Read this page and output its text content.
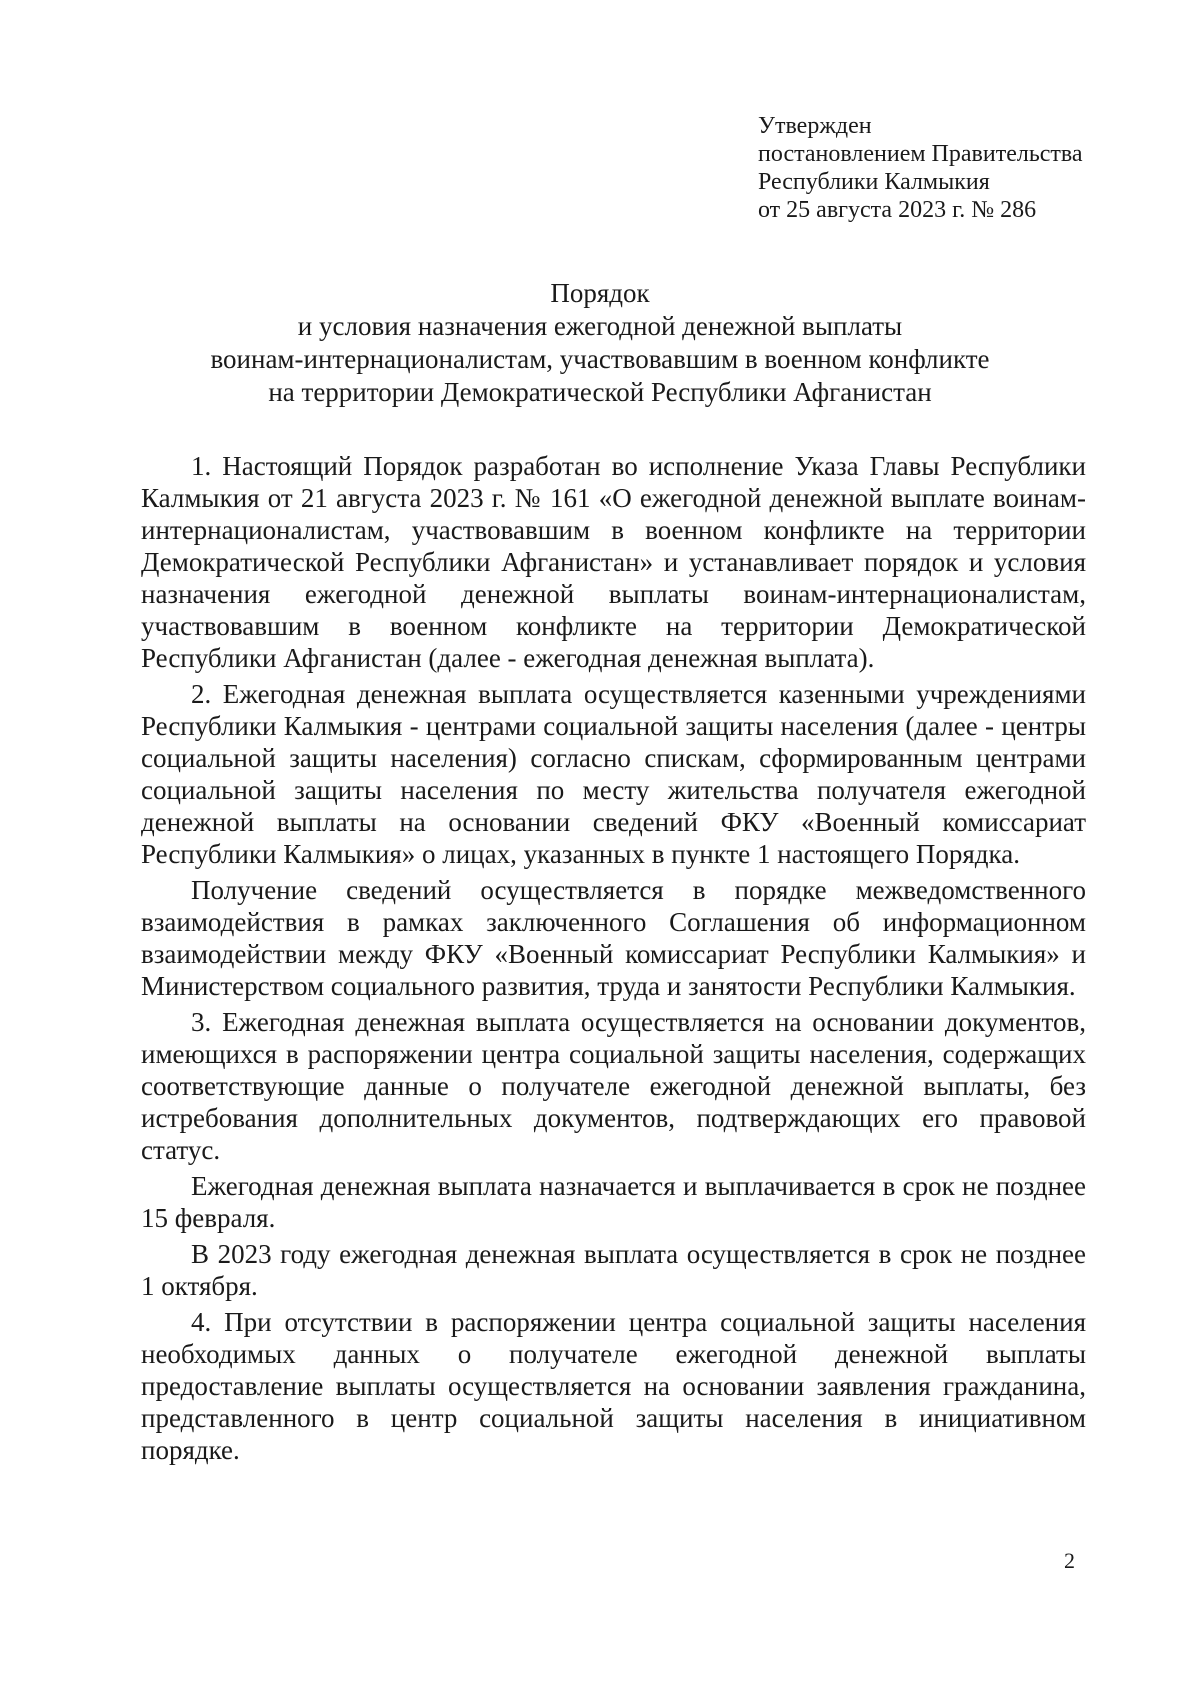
Утвержден
постановлением Правительства
Республики Калмыкия
от 25 августа 2023 г. № 286
Порядок
и условия назначения ежегодной денежной выплаты
воинам-интернационалистам, участвовавшим в военном конфликте
на территории Демократической Республики Афганистан

1. Настоящий Порядок разработан во исполнение Указа Главы Республики Калмыкия от 21 августа 2023 г. № 161 «О ежегодной денежной выплате воинам-интернационалистам, участвовавшим в военном конфликте на территории Демократической Республики Афганистан» и устанавливает порядок и условия назначения ежегодной денежной выплаты воинам-интернационалистам, участвовавшим в военном конфликте на территории Демократической Республики Афганистан (далее - ежегодная денежная выплата).

2. Ежегодная денежная выплата осуществляется казенными учреждениями Республики Калмыкия - центрами социальной защиты населения (далее - центры социальной защиты населения) согласно спискам, сформированным центрами социальной защиты населения по месту жительства получателя ежегодной денежной выплаты на основании сведений ФКУ «Военный комиссариат Республики Калмыкия» о лицах, указанных в пункте 1 настоящего Порядка.

Получение сведений осуществляется в порядке межведомственного взаимодействия в рамках заключенного Соглашения об информационном взаимодействии между ФКУ «Военный комиссариат Республики Калмыкия» и Министерством социального развития, труда и занятости Республики Калмыкия.

3. Ежегодная денежная выплата осуществляется на основании документов, имеющихся в распоряжении центра социальной защиты населения, содержащих соответствующие данные о получателе ежегодной денежной выплаты, без истребования дополнительных документов, подтверждающих его правовой статус.

Ежегодная денежная выплата назначается и выплачивается в срок не позднее 15 февраля.

В 2023 году ежегодная денежная выплата осуществляется в срок не позднее 1 октября.

4. При отсутствии в распоряжении центра социальной защиты населения необходимых данных о получателе ежегодной денежной выплаты предоставление выплаты осуществляется на основании заявления гражданина, представленного в центр социальной защиты населения в инициативном порядке.

2
